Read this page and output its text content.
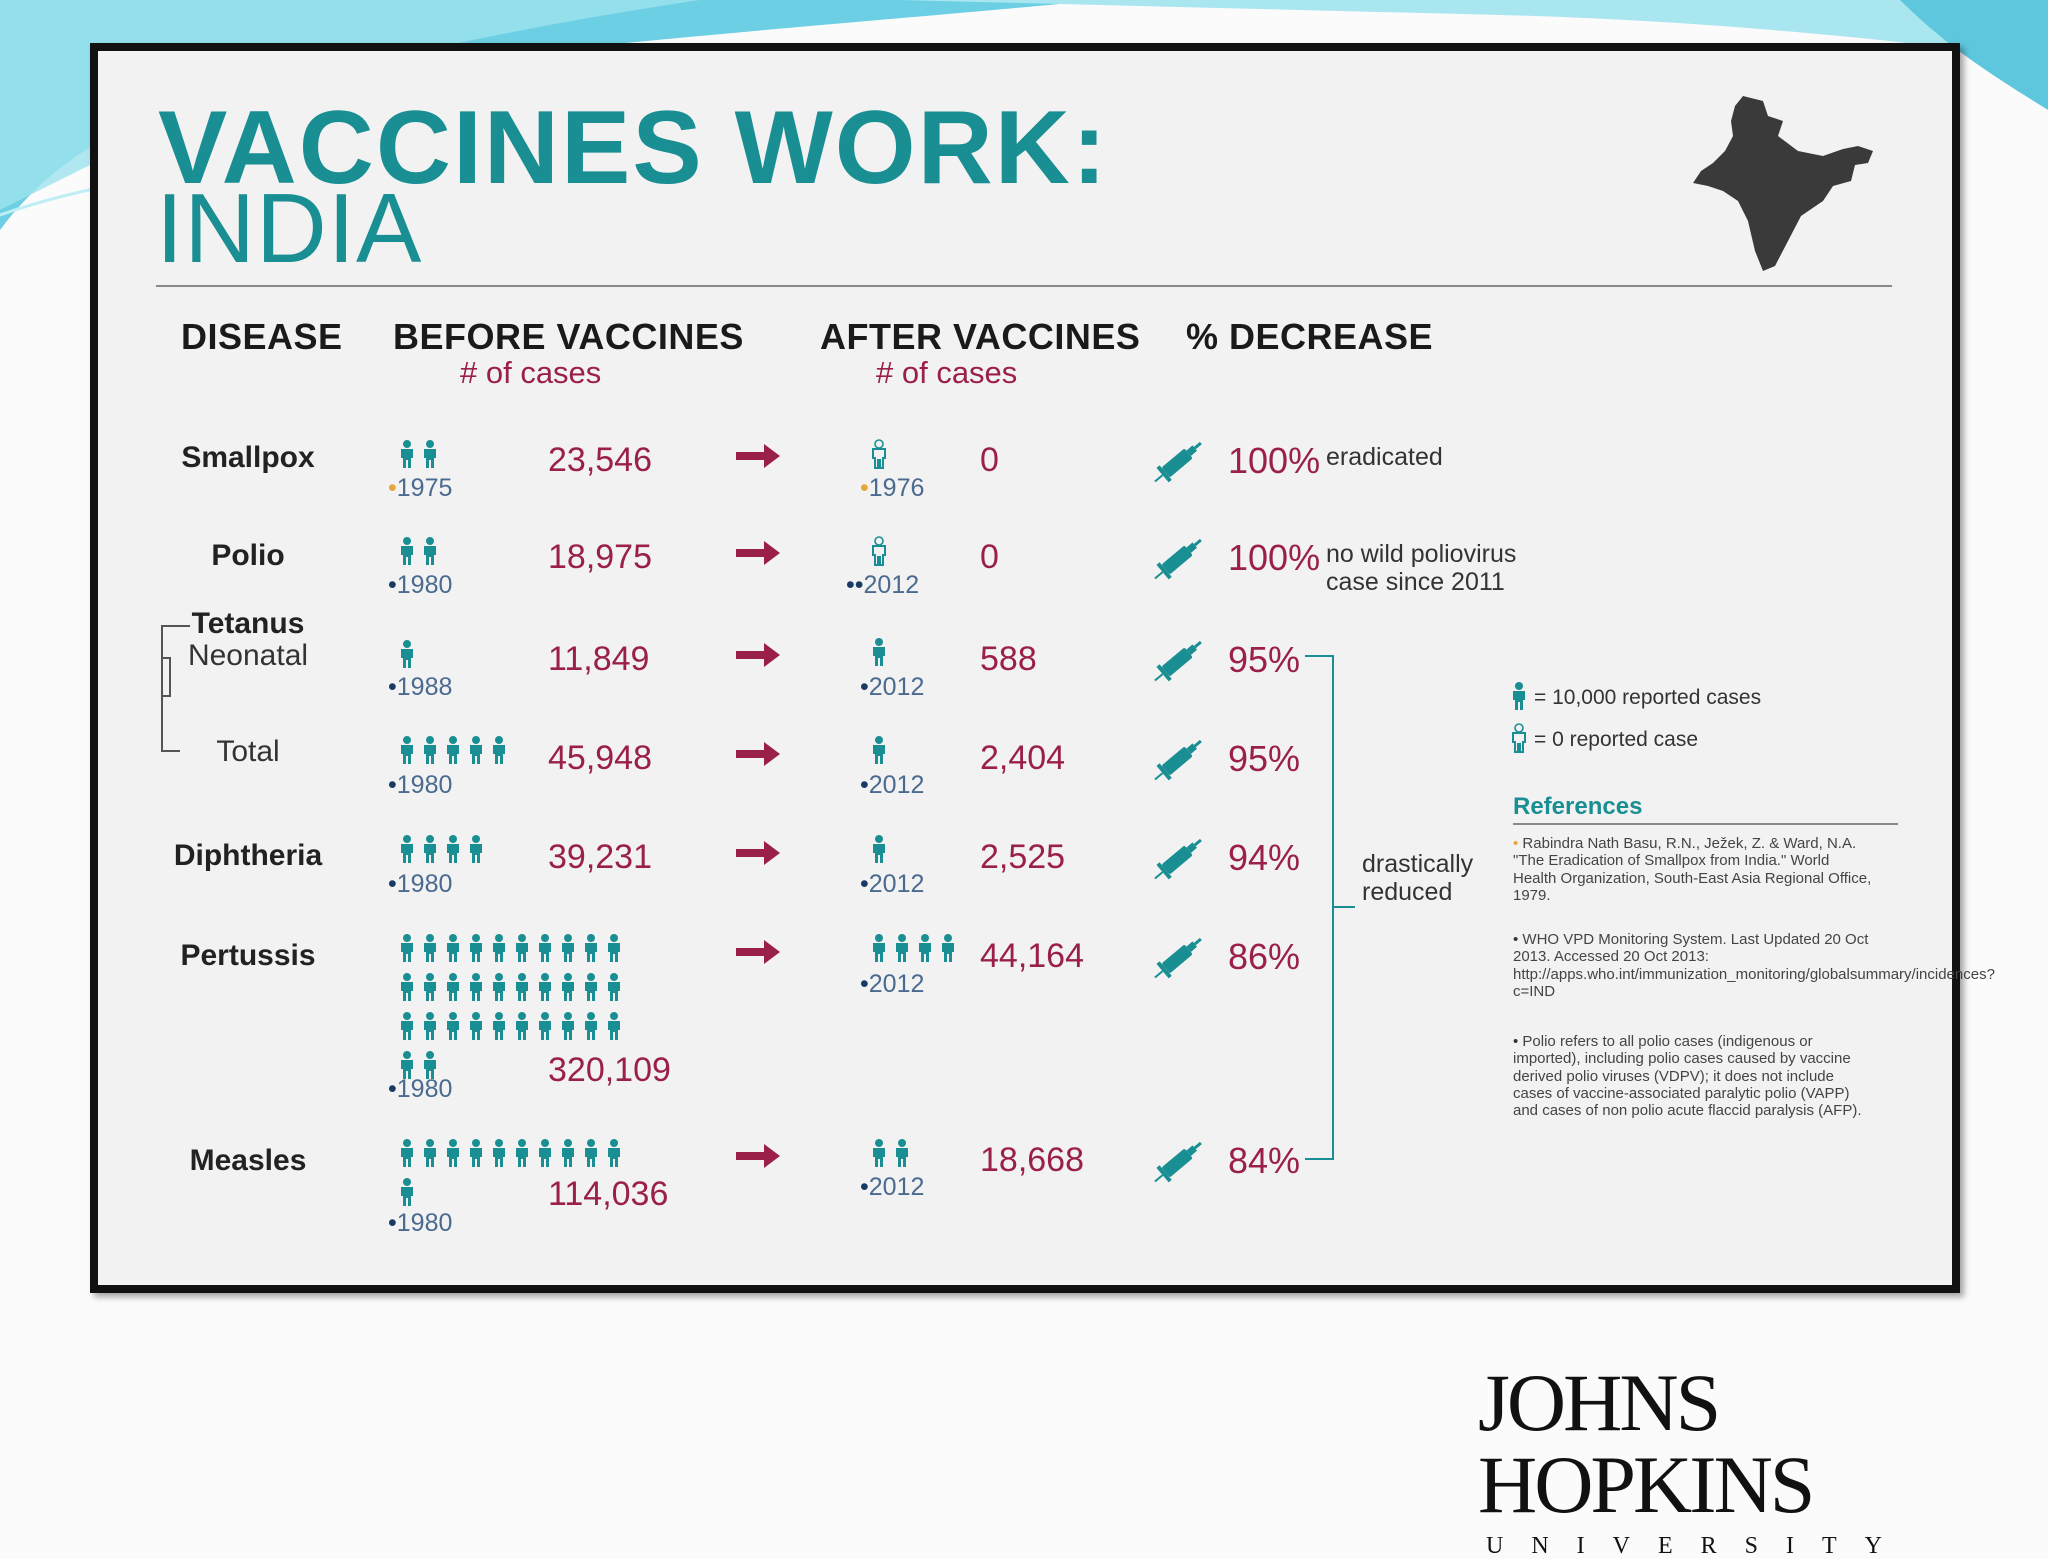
VACCINES WORK:
INDIA
DISEASE BEFORE VACCINES
# of cases
AFTER VACCINES
# of cases
% DECREASE
Smallpox
Polio
Tetanus
Neonatal
Total
Diphtheria
Pertussis
Measles
•1975
•1980
•1988
•1980
•1980
•1980
•1980
23,546
18,975
11,849
45,948
39,231
320,109
114,036
•1976
••2012
•2012
•2012
•2012
•2012
•2012
0
0
588
2,404
2,525
44,164
18,668
100%
100%
95%
95%
94%
86%
84%
eradicated
no wild poliovirus case since 2011
drastically reduced
= 10,000 reported cases
= 0 reported case
References
• Rabindra Nath Basu, R.N., Ježek, Z. & Ward, N.A. "The Eradication of Smallpox from India." World Health Organization, South-East Asia Regional Office, 1979.
• WHO VPD Monitoring System. Last Updated 20 Oct 2013. Accessed 20 Oct 2013: http://apps.who.int/immunization_monitoring/globalsummary/incidences?c=IND
• Polio refers to all polio cases (indigenous or imported), including polio cases caused by vaccine derived polio viruses (VDPV); it does not include cases of vaccine-associated paralytic polio (VAPP) and cases of non polio acute flaccid paralysis (AFP).
JOHNS HOPKINS
UNIVERSITY
